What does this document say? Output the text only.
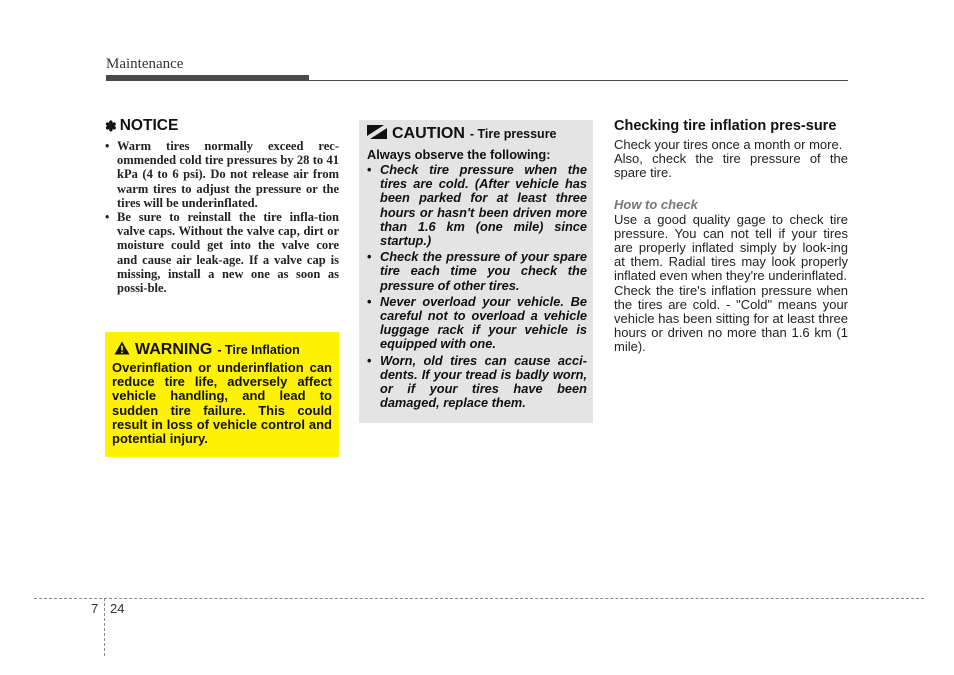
Maintenance
✽ NOTICE
• Warm tires normally exceed rec-ommended cold tire pressures by 28 to 41 kPa (4 to 6 psi). Do not release air from warm tires to adjust the pressure or the tires will be underinflated.
• Be sure to reinstall the tire infla-tion valve caps. Without the valve cap, dirt or moisture could get into the valve core and cause air leak-age. If a valve cap is missing, install a new one as soon as possi-ble.
WARNING - Tire Inflation
Overinflation or underinflation can reduce tire life, adversely affect vehicle handling, and lead to sudden tire failure. This could result in loss of vehicle control and potential injury.
CAUTION - Tire pressure
Always observe the following:
• Check tire pressure when the tires are cold. (After vehicle has been parked for at least three hours or hasn't been driven more than 1.6 km (one mile) since startup.)
• Check the pressure of your spare tire each time you check the pressure of other tires.
• Never overload your vehicle. Be careful not to overload a vehicle luggage rack if your vehicle is equipped with one.
• Worn, old tires can cause acci-dents. If your tread is badly worn, or if your tires have been damaged, replace them.
Checking tire inflation pres-sure

Check your tires once a month or more.

Also, check the tire pressure of the spare tire.

How to check

Use a good quality gage to check tire pressure. You can not tell if your tires are properly inflated simply by look-ing at them. Radial tires may look properly inflated even when they're underinflated.

Check the tire's inflation pressure when the tires are cold. - "Cold" means your vehicle has been sitting for at least three hours or driven no more than 1.6 km (1 mile).

7 24
